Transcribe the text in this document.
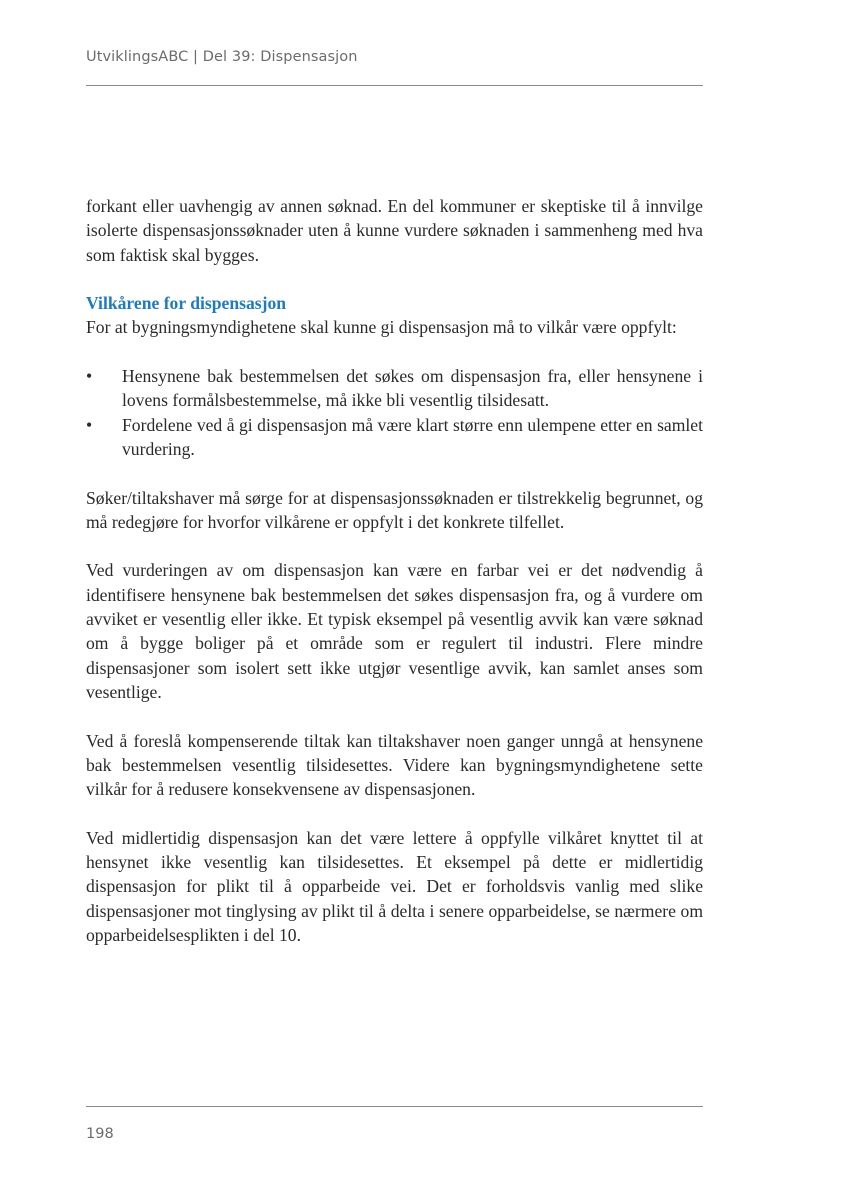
UtviklingsABC | Del 39: Dispensasjon

forkant eller uavhengig av annen søknad. En del kommuner er skeptiske til å innvilge isolerte dispensasjonssøknader uten å kunne vurdere søknaden i sammenheng med hva som faktisk skal bygges.

Vilkårene for dispensasjon

For at bygningsmyndighetene skal kunne gi dispensasjon må to vilkår være oppfylt:

• Hensynene bak bestemmelsen det søkes om dispensasjon fra, eller hensynene i lovens formålsbestemmelse, må ikke bli vesentlig tilsidesatt.
• Fordelene ved å gi dispensasjon må være klart større enn ulempene etter en samlet vurdering.

Søker/tiltakshaver må sørge for at dispensasjonssøknaden er tilstrekkelig begrunnet, og må redegjøre for hvorfor vilkårene er oppfylt i det konkrete tilfellet.

Ved vurderingen av om dispensasjon kan være en farbar vei er det nødvendig å identifisere hensynene bak bestemmelsen det søkes dispensasjon fra, og å vurdere om avviket er vesentlig eller ikke. Et typisk eksempel på vesentlig avvik kan være søknad om å bygge boliger på et område som er regulert til industri. Flere mindre dispensasjoner som isolert sett ikke utgjør vesentlige avvik, kan samlet anses som vesentlige.

Ved å foreslå kompenserende tiltak kan tiltakshaver noen ganger unngå at hensynene bak bestemmelsen vesentlig tilsidesettes. Videre kan bygningsmyndighetene sette vilkår for å redusere konsekvensene av dispensasjonen.

Ved midlertidig dispensasjon kan det være lettere å oppfylle vilkåret knyttet til at hensynet ikke vesentlig kan tilsidesettes. Et eksempel på dette er midlertidig dispensasjon for plikt til å opparbeide vei. Det er forholdsvis vanlig med slike dispensasjoner mot tinglysing av plikt til å delta i senere opparbeidelse, se nærmere om opparbeidelsesplikten i del 10.

198
